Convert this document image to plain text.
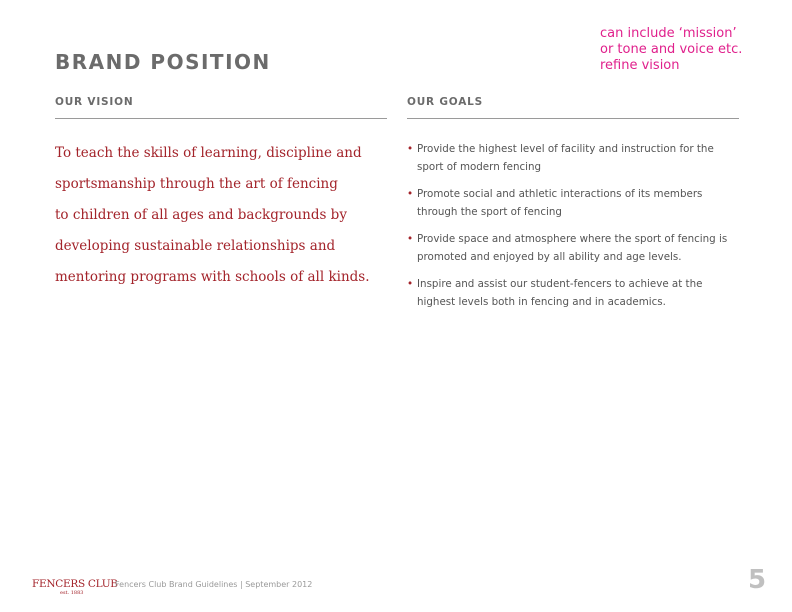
BRAND POSITION
can include ‘mission’
or tone and voice etc.
refine vision
OUR VISION	OUR GOALS
To teach the skills of learning, discipline and
sportsmanship through the art of fencing
to children of all ages and backgrounds by
developing sustainable relationships and
mentoring programs with schools of all kinds.
• Provide the highest level of facility and instruction for the
sport of modern fencing
• Promote social and athletic interactions of its members
through the sport of fencing
• Provide space and atmosphere where the sport of fencing is
promoted and enjoyed by all ability and age levels.
• Inspire and assist our student-fencers to achieve at the
highest levels both in fencing and in academics.
FENCERS CLUB
est. 1883
Fencers Club Brand Guidelines | September 2012	5
